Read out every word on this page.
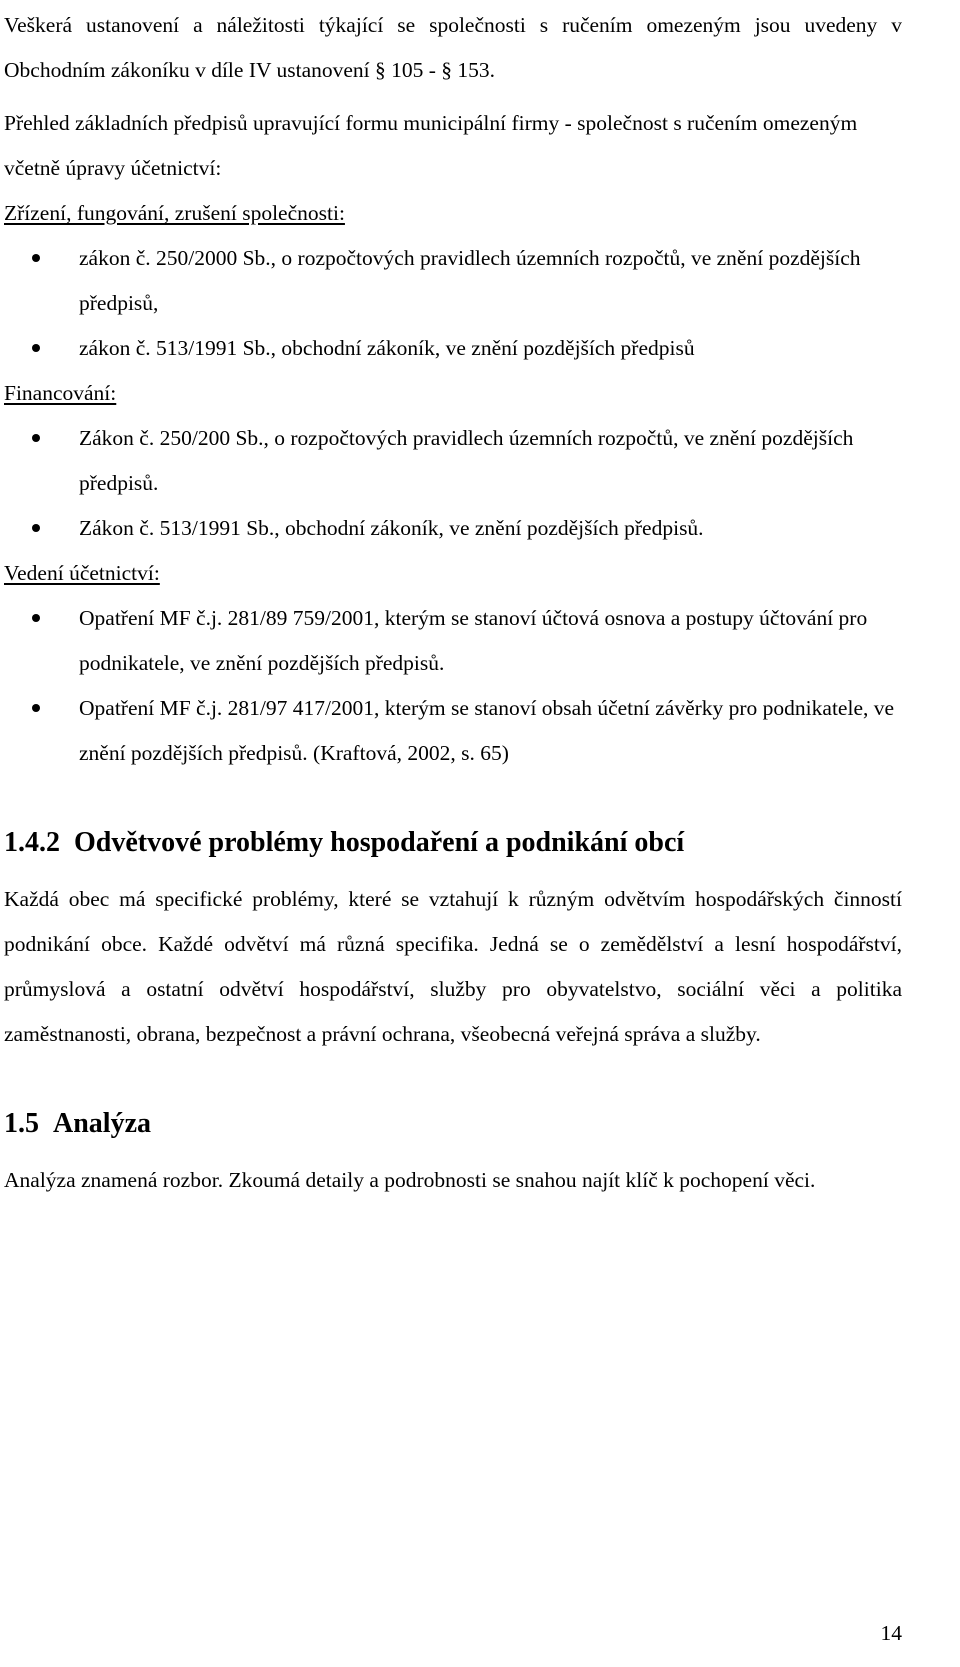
Veškerá ustanovení a náležitosti týkající se společnosti s ručením omezeným jsou uvedeny v Obchodním zákoníku v díle IV ustanovení § 105 - § 153.

Přehled základních předpisů upravující formu municipální firmy - společnost s ručením omezeným včetně úpravy účetnictví:

Zřízení, fungování, zrušení společnosti:

zákon č. 250/2000 Sb., o rozpočtových pravidlech územních rozpočtů, ve znění pozdějších předpisů,
zákon č. 513/1991 Sb., obchodní zákoník, ve znění pozdějších předpisů

Financování:

Zákon č. 250/200 Sb., o rozpočtových pravidlech územních rozpočtů, ve znění pozdějších předpisů.
Zákon č. 513/1991 Sb., obchodní zákoník, ve znění pozdějších předpisů.

Vedení účetnictví:

Opatření MF č.j. 281/89 759/2001, kterým se stanoví účtová osnova a postupy účtování pro podnikatele, ve znění pozdějších předpisů.
Opatření MF č.j. 281/97 417/2001, kterým se stanoví obsah účetní závěrky pro podnikatele, ve znění pozdějších předpisů. (Kraftová, 2002, s. 65)
1.4.2 Odvětvové problémy hospodaření a podnikání obcí

Každá obec má specifické problémy, které se vztahují k různým odvětvím hospodářských činností podnikání obce. Každé odvětví má různá specifika. Jedná se o zemědělství a lesní hospodářství, průmyslová a ostatní odvětví hospodářství, služby pro obyvatelstvo, sociální věci a politika zaměstnanosti, obrana, bezpečnost a právní ochrana, všeobecná veřejná správa a služby.

1.5 Analýza

Analýza znamená rozbor. Zkoumá detaily a podrobnosti se snahou najít klíč k pochopení věci.

14
